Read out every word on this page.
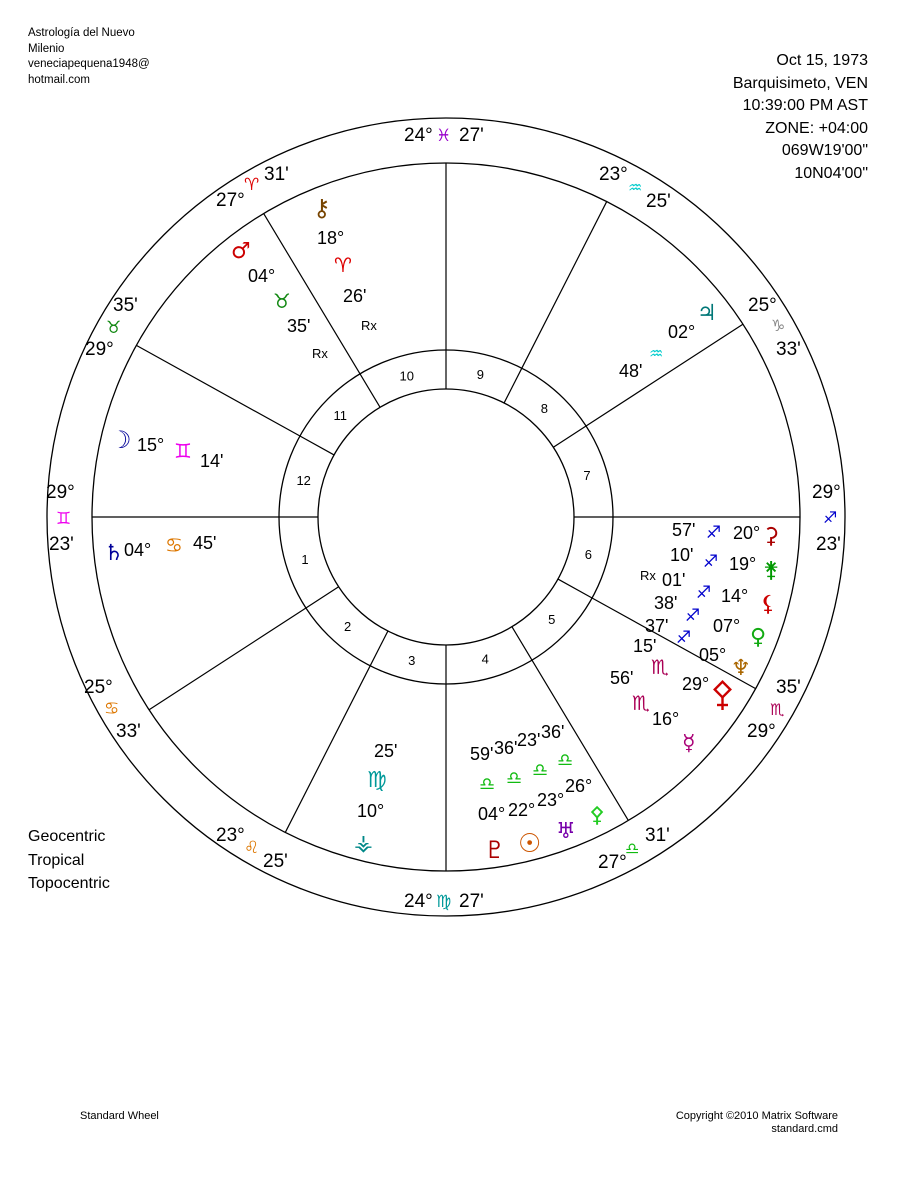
Astrología del Nuevo
Milenio
veneciapequena1948@
hotmail.com
Oct 15, 1973
Barquisimeto, VEN
10:39:00 PM AST
ZONE: +04:00
069W19'00"
10N04'00"
Geocentric
Tropical
Topocentric
Standard Wheel	Copyright ©2010 Matrix Software
standard.cmd
1
2
3	4
5
6
7
8
9
10
11
12
24° ♓ 27'
24° ♍ 27'
23°
♒
25'
25°
♑
33'
29°
♐
23'
35'
♏
29°
31'
♎
27°
31'
♈
27°
35'
♉
29°
29°
♊
23'
25°
♋
33'
23°
♌
25'
⚷
18°
♈
26'
Rx
♂
04°
♉
35'
Rx
♃
02°
♒
48'
☽ 15° ♊ 14'
♄ 04° ♋ 45'
25'
♍
10°
⚶
59'
♎
04°
♇
36'
♎
22°
☉
23'
♎
23°
♅
36'
♎
26°
⚴
56'
♏
16°
☿
15'
♏
29°
37'
♐
05°
♆
38'
♐ 07° ♀
Rx 01'
♐ 14° ⚸
10' ♐ 19° ⚵
57' ♐ 20° ⚳
